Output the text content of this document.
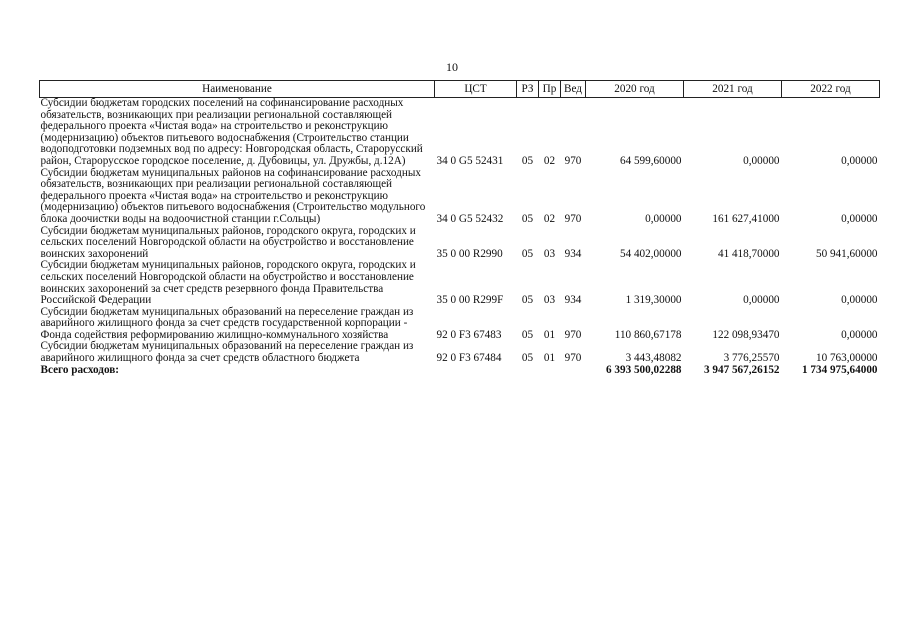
10
Наименование	ЦСТ	РЗ	Пр	Вед	2020 год	2021 год	2022 год
Субсидии бюджетам городских поселений на софинансирование расходных обязательств, возникающих при реализации региональной составляющей федерального проекта «Чистая вода» на строительство и реконструкцию (модернизацию) объектов питьевого водоснабжения (Строительство станции водоподготовки подземных вод по адресу: Новгородская область, Старорусский район, Старорусское городское поселение, д. Дубовицы, ул. Дружбы, д.12А)	34 0 G5 52431	05	02	970	64 599,60000	0,00000	0,00000
Субсидии бюджетам муниципальных районов на софинансирование расходных обязательств, возникающих при реализации региональной составляющей федерального проекта «Чистая вода» на строительство и реконструкцию (модернизацию) объектов питьевого водоснабжения (Строительство модульного блока доочистки воды на водоочистной станции г.Сольцы)	34 0 G5 52432	05	02	970	0,00000	161 627,41000	0,00000
Субсидии бюджетам муниципальных районов, городского округа, городских и сельских поселений Новгородской области на обустройство и восстановление воинских захоронений	35 0 00 R2990	05	03	934	54 402,00000	41 418,70000	50 941,60000
Субсидии бюджетам муниципальных районов, городского округа, городских и сельских поселений Новгородской области на обустройство и восстановление воинских захоронений за счет средств резервного фонда Правительства Российской Федерации	35 0 00 R299F	05	03	934	1 319,30000	0,00000	0,00000
Субсидии бюджетам муниципальных образований на переселение граждан из аварийного жилищного фонда за счет средств государственной корпорации - Фонда содействия реформированию жилищно-коммунального хозяйства	92 0 F3 67483	05	01	970	110 860,67178	122 098,93470	0,00000
Субсидии бюджетам муниципальных образований на переселение граждан из аварийного жилищного фонда за счет средств областного бюджета	92 0 F3 67484	05	01	970	3 443,48082	3 776,25570	10 763,00000
Всего расходов:					6 393 500,02288	3 947 567,26152	1 734 975,64000
